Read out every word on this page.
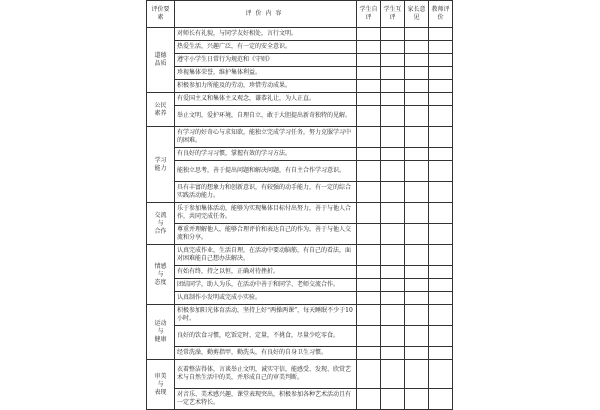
评价要素	评价内容	学生自评	学生互评	家长意见	教师评价

道德
品质	对师长有礼貌，与同学友好相处，言行文明。				
	热爱生活，兴趣广泛，有一定的安全意识。				
	遵守小学生日常行为规范和《守则》				
	珍视集体荣誉，维护集体利益。				
	积极参加力所能及的劳动，珍惜劳动成果。				

公民
素养	有爱国主义和集体主义观念，谦恭礼让，为人正直。				
	举止文明，爱护环境，自理自立，敢于大胆提出新奇独特的见解。				

学习
能力	有学习的好奇心与求知欲，能独立完成学习任务，努力克服学习中的困难。				
	有良好的学习习惯，掌握有效的学习方法。				
	能独立思考，善于提出问题和解决问题，有自主合作学习意识。				
	具有丰富的想象力和创新意识，有较强的动手能力，有一定的综合实践活动能力。				

交流
与
合作	乐于参加集体活动，能够为实现集体目标付出努力，善于与他人合作，共同完成任务。				
	尊重并理解他人，能够合理评价和表达自己的作为，善于与他人交流和分享。				

情感
与
态度	认真完成作业，生活自理，在活动中要动脑筋，有自己的看法，面对困难能自己想办法解决。				
	有始有终，持之以恒，正确对待挫折。				
	团结同学，助人为乐，在活动中善于和同学、老师交流合作。				
	认真制作小发明或完成小实验。				

运动
与
健康	积极参加阳光体育活动，坚持上好“两操两课”，每天睡眠不少于10小时。				
	良好的饮食习惯，吃饭定时、定量，不挑食，尽量少吃零食。				
	经常洗澡，勤剪指甲，勤洗头，有良好的自身卫生习惯。				

审美
与
表现	衣着整洁得体，言谈举止文明，诚实守信，能感受、发现、欣赏艺术与自然生活中的美，并形成自己的审美判断。				
	对音乐、美术感兴趣，课堂表现突出，积极参加各种艺术活动且有一定艺术特长。				
